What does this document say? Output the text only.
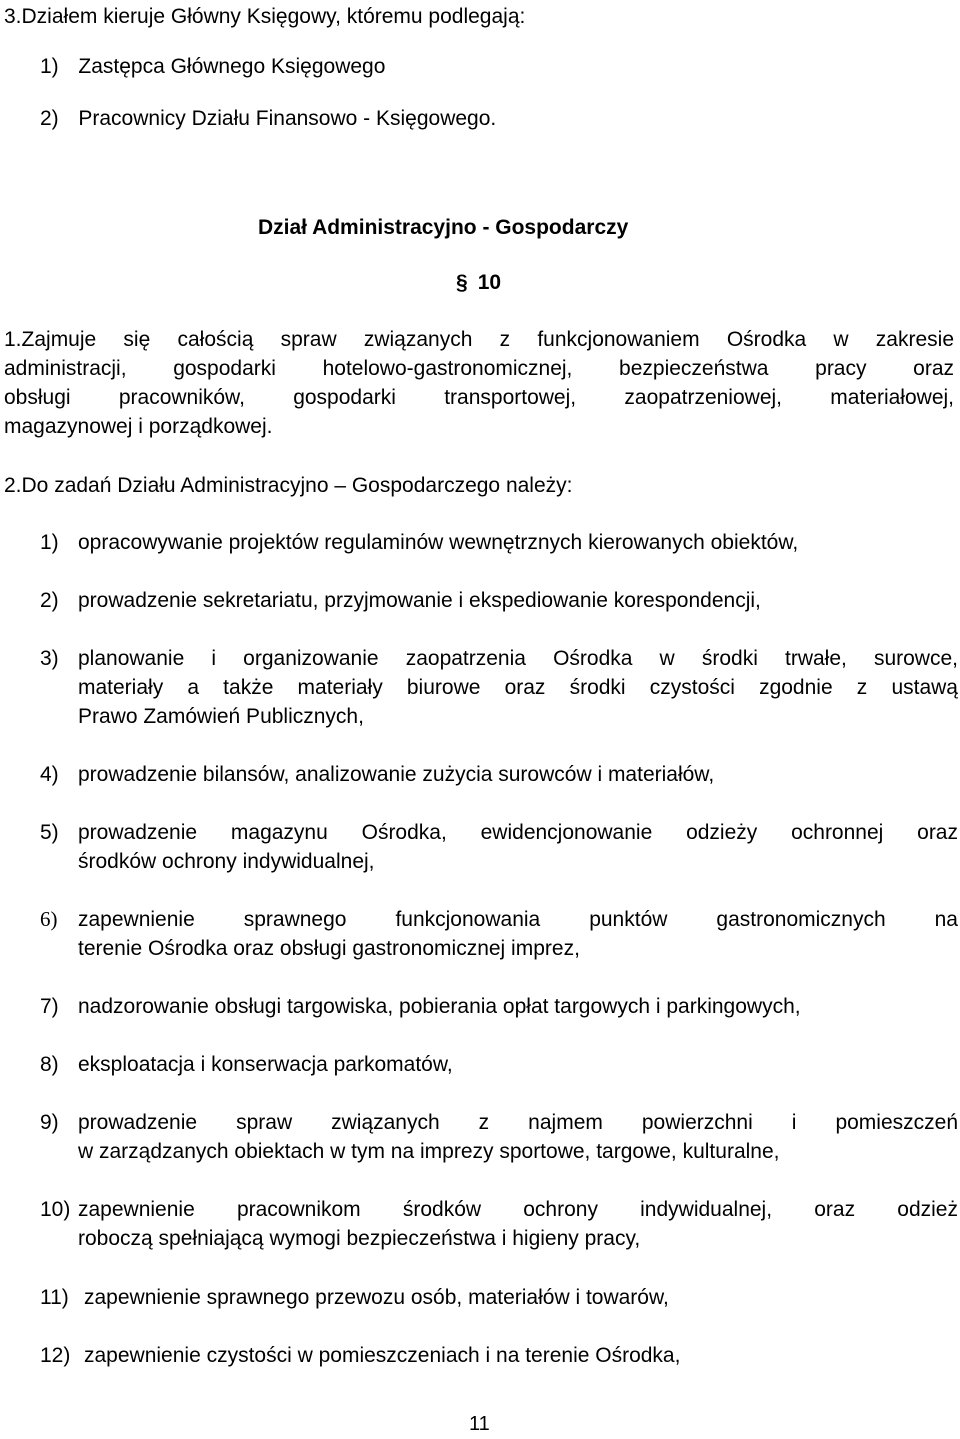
3.Działem kieruje Główny Księgowy, któremu podlegają:
1) Zastępca Głównego Księgowego
2) Pracownicy Działu Finansowo - Księgowego.
Dział Administracyjno - Gospodarczy
§ 10
1.Zajmuje się całością spraw związanych z funkcjonowaniem Ośrodka w zakresie
administracji, gospodarki hotelowo-gastronomicznej, bezpieczeństwa pracy oraz
obsługi pracowników, gospodarki transportowej, zaopatrzeniowej, materiałowej,
magazynowej i porządkowej.
2.Do zadań Działu Administracyjno – Gospodarczego należy:
1) opracowywanie projektów regulaminów wewnętrznych kierowanych obiektów,
2) prowadzenie sekretariatu, przyjmowanie i ekspediowanie korespondencji,
3) planowanie i organizowanie zaopatrzenia Ośrodka w środki trwałe, surowce,
materiały a także materiały biurowe oraz środki czystości zgodnie z ustawą
Prawo Zamówień Publicznych,
4) prowadzenie bilansów, analizowanie zużycia surowców i materiałów,
5) prowadzenie magazynu Ośrodka, ewidencjonowanie odzieży ochronnej oraz
środków ochrony indywidualnej,
6) zapewnienie sprawnego funkcjonowania punktów gastronomicznych na
terenie Ośrodka oraz obsługi gastronomicznej imprez,
7) nadzorowanie obsługi targowiska, pobierania opłat targowych i parkingowych,
8) eksploatacja i konserwacja parkomatów,
9) prowadzenie spraw związanych z najmem powierzchni i pomieszczeń
w zarządzanych obiektach w tym na imprezy sportowe, targowe, kulturalne,
10) zapewnienie pracownikom środków ochrony indywidualnej, oraz odzież
roboczą spełniającą wymogi bezpieczeństwa i higieny pracy,
11) zapewnienie sprawnego przewozu osób, materiałów i towarów,
12) zapewnienie czystości w pomieszczeniach i na terenie Ośrodka,
11
